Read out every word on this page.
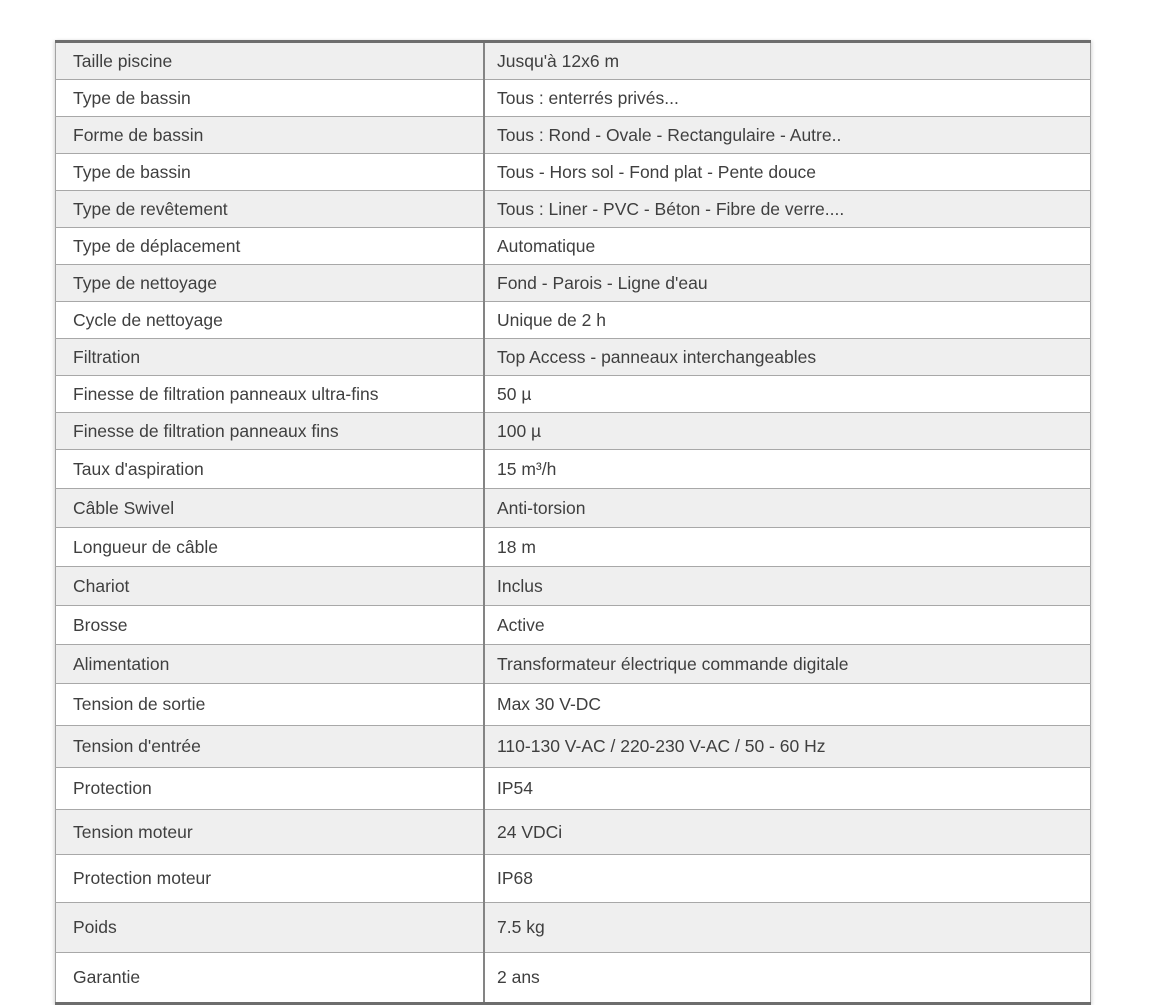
Taille piscine	Jusqu'à 12x6 m
Type de bassin	Tous : enterrés privés...
Forme de bassin	Tous : Rond - Ovale - Rectangulaire - Autre..
Type de bassin	Tous - Hors sol - Fond plat - Pente douce
Type de revêtement	Tous : Liner - PVC - Béton - Fibre de verre....
Type de déplacement	Automatique
Type de nettoyage	Fond - Parois - Ligne d'eau
Cycle de nettoyage	Unique de 2 h
Filtration	Top Access - panneaux interchangeables
Finesse de filtration panneaux ultra-fins	50 µ
Finesse de filtration panneaux fins	100 µ
Taux d'aspiration	15 m³/h
Câble Swivel	Anti-torsion
Longueur de câble	18 m
Chariot	Inclus
Brosse	Active
Alimentation	Transformateur électrique commande digitale
Tension de sortie	Max 30 V-DC
Tension d'entrée	110-130 V-AC / 220-230 V-AC / 50 - 60 Hz
Protection	IP54
Tension moteur	24 VDCi
Protection moteur	IP68
Poids	7.5 kg
Garantie	2 ans
